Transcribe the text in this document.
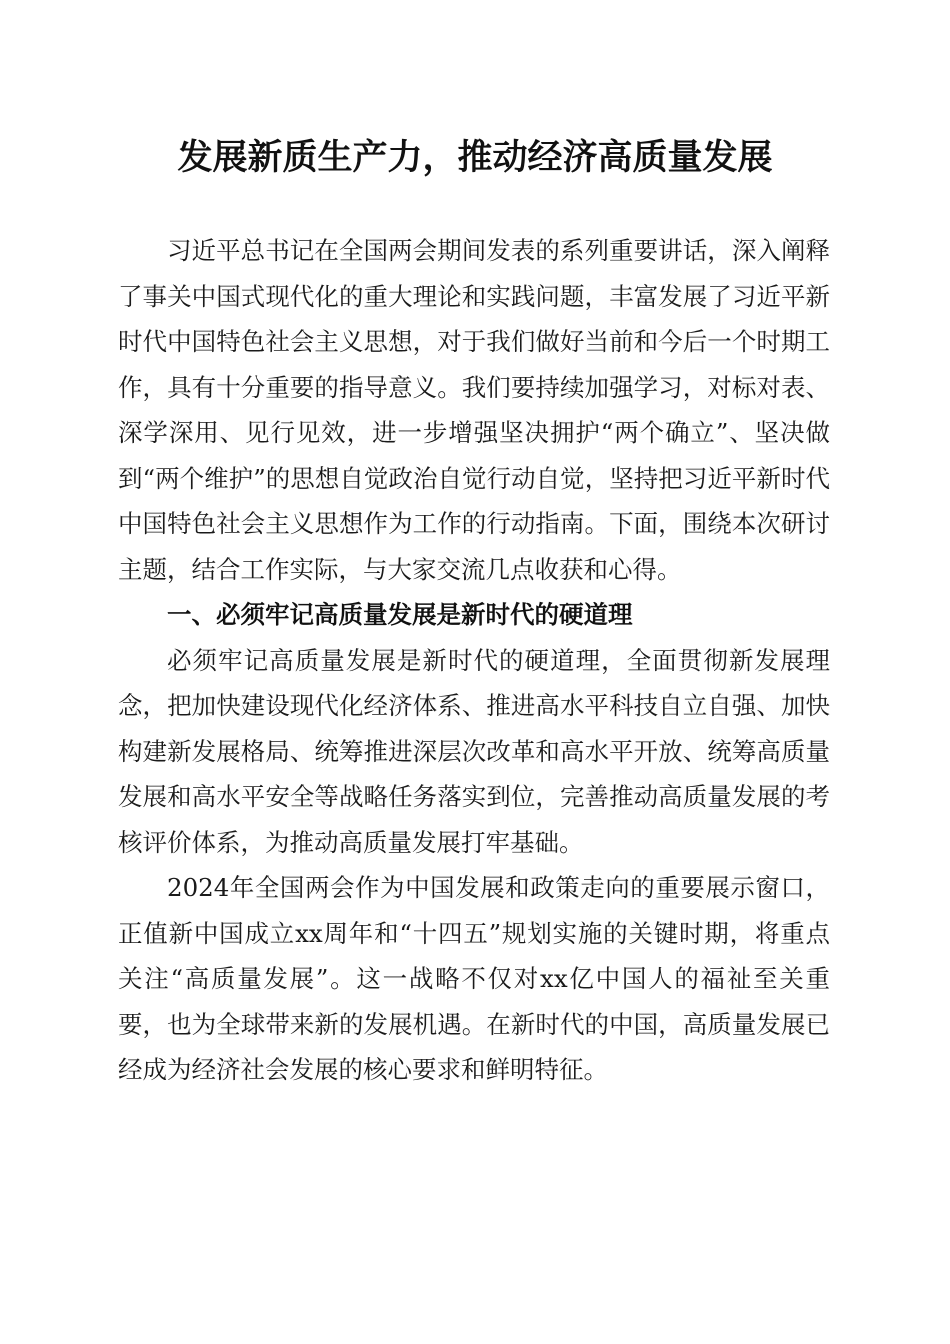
发展新质生产力，推动经济高质量发展

习近平总书记在全国两会期间发表的系列重要讲话，深入阐释了事关中国式现代化的重大理论和实践问题，丰富发展了习近平新时代中国特色社会主义思想，对于我们做好当前和今后一个时期工作，具有十分重要的指导意义。我们要持续加强学习，对标对表、深学深用、见行见效，进一步增强坚决拥护“两个确立”、坚决做到“两个维护”的思想自觉政治自觉行动自觉，坚持把习近平新时代中国特色社会主义思想作为工作的行动指南。下面，围绕本次研讨主题，结合工作实际，与大家交流几点收获和心得。

一、必须牢记高质量发展是新时代的硬道理

必须牢记高质量发展是新时代的硬道理，全面贯彻新发展理念，把加快建设现代化经济体系、推进高水平科技自立自强、加快构建新发展格局、统筹推进深层次改革和高水平开放、统筹高质量发展和高水平安全等战略任务落实到位，完善推动高质量发展的考核评价体系，为推动高质量发展打牢基础。

2024年全国两会作为中国发展和政策走向的重要展示窗口，正值新中国成立xx周年和“十四五”规划实施的关键时期，将重点关注“高质量发展”。这一战略不仅对xx亿中国人的福祉至关重要，也为全球带来新的发展机遇。在新时代的中国，高质量发展已经成为经济社会发展的核心要求和鲜明特征。
